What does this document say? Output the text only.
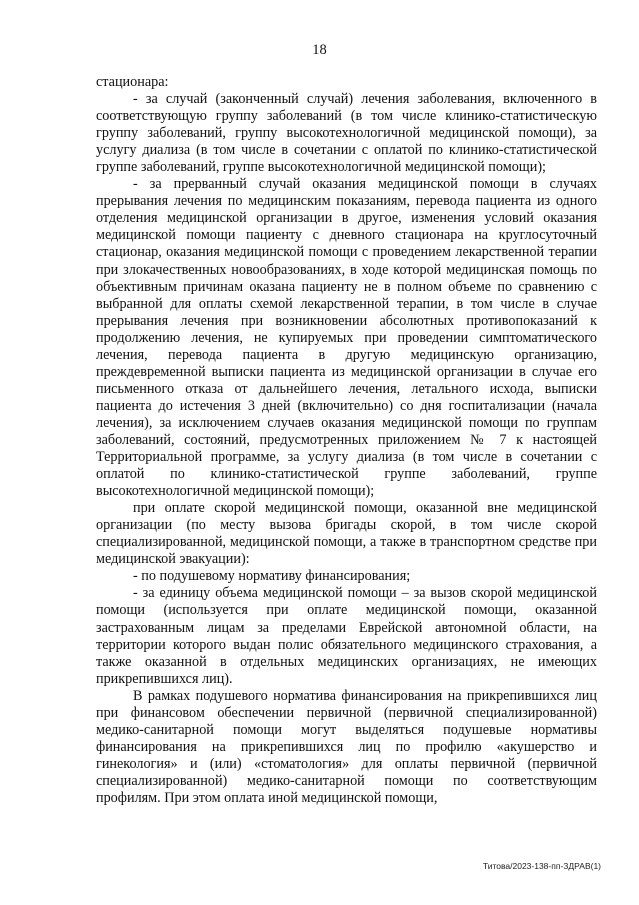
18

стационара:

- за случай (законченный случай) лечения заболевания, включенного в соответствующую группу заболеваний (в том числе клинико-статистическую группу заболеваний, группу высокотехнологичной медицинской помощи), за услугу диализа (в том числе в сочетании с оплатой по клинико-статистической группе заболеваний, группе высокотехнологичной медицинской помощи);

- за прерванный случай оказания медицинской помощи в случаях прерывания лечения по медицинским показаниям, перевода пациента из одного отделения медицинской организации в другое, изменения условий оказания медицинской помощи пациенту с дневного стационара на круглосуточный стационар, оказания медицинской помощи с проведением лекарственной терапии при злокачественных новообразованиях, в ходе которой медицинская помощь по объективным причинам оказана пациенту не в полном объеме по сравнению с выбранной для оплаты схемой лекарственной терапии, в том числе в случае прерывания лечения при возникновении абсолютных противопоказаний к продолжению лечения, не купируемых при проведении симптоматического лечения, перевода пациента в другую медицинскую организацию, преждевременной выписки пациента из медицинской организации в случае его письменного отказа от дальнейшего лечения, летального исхода, выписки пациента до истечения 3 дней (включительно) со дня госпитализации (начала лечения), за исключением случаев оказания медицинской помощи по группам заболеваний, состояний, предусмотренных приложением № 7 к настоящей Территориальной программе, за услугу диализа (в том числе в сочетании с оплатой по клинико-статистической группе заболеваний, группе высокотехнологичной медицинской помощи);

при оплате скорой медицинской помощи, оказанной вне медицинской организации (по месту вызова бригады скорой, в том числе скорой специализированной, медицинской помощи, а также в транспортном средстве при медицинской эвакуации):

- по подушевому нормативу финансирования;

- за единицу объема медицинской помощи – за вызов скорой медицинской помощи (используется при оплате медицинской помощи, оказанной застрахованным лицам за пределами Еврейской автономной области, на территории которого выдан полис обязательного медицинского страхования, а также оказанной в отдельных медицинских организациях, не имеющих прикрепившихся лиц).

В рамках подушевого норматива финансирования на прикрепившихся лиц при финансовом обеспечении первичной (первичной специализированной) медико-санитарной помощи могут выделяться подушевые нормативы финансирования на прикрепившихся лиц по профилю «акушерство и гинекология» и (или) «стоматология» для оплаты первичной (первичной специализированной) медико-санитарной помощи по соответствующим профилям. При этом оплата иной медицинской помощи,

Титова/2023-138-пп-ЗДРАВ(1)
